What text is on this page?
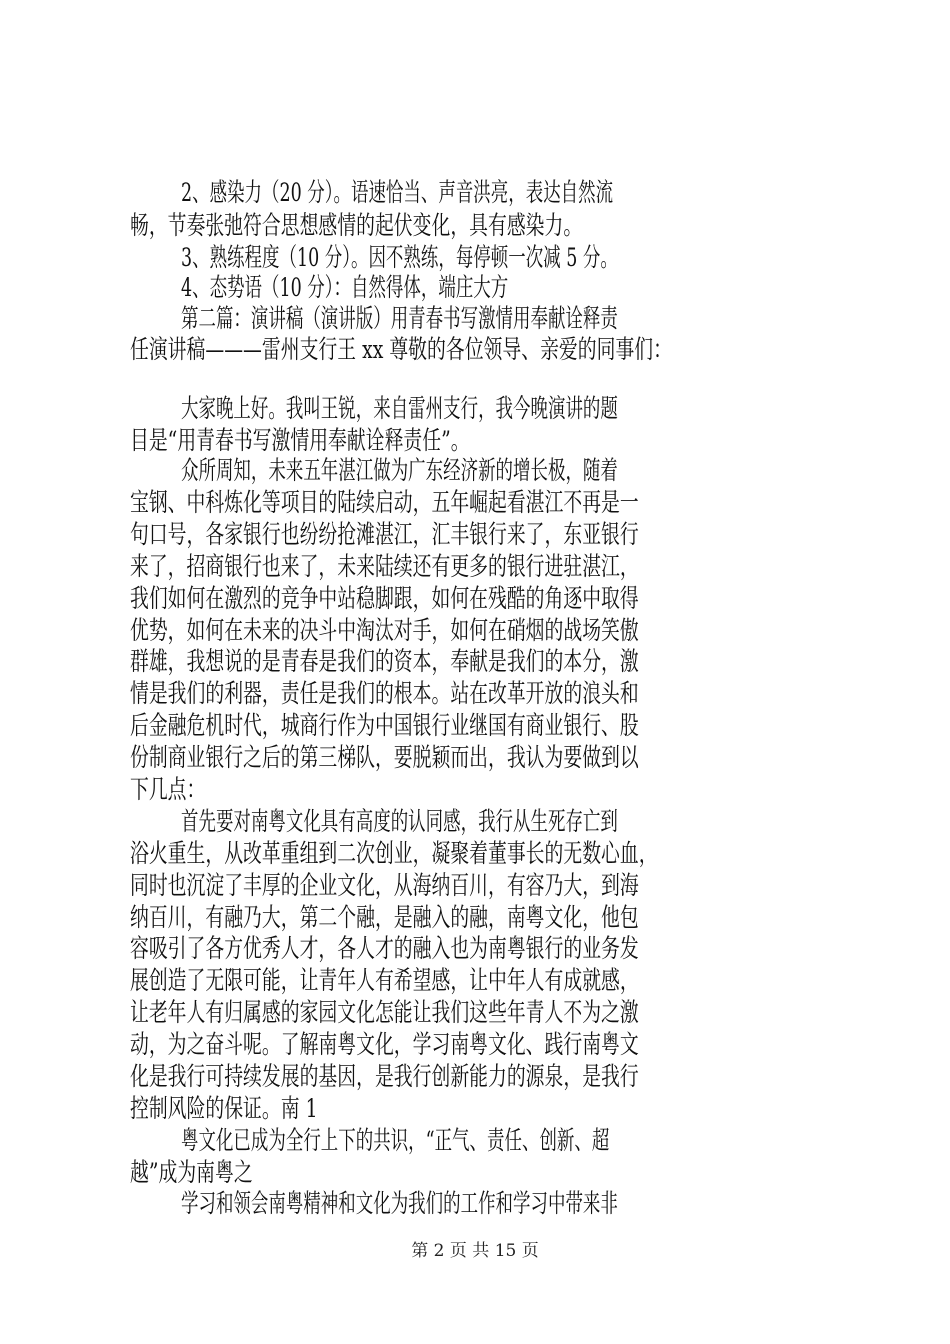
2、感染力（20 分）。语速恰当、声音洪亮，表达自然流
畅，节奏张弛符合思想感情的起伏变化，具有感染力。
3、熟练程度（10 分）。因不熟练，每停顿一次减 5 分。
4、态势语（10 分）：自然得体，端庄大方
第二篇：演讲稿（演讲版）用青春书写激情用奉献诠释责
任演讲稿———雷州支行王 xx 尊敬的各位领导、亲爱的同事们：
大家晚上好。我叫王锐，来自雷州支行，我今晚演讲的题
目是“用青春书写激情用奉献诠释责任”。
众所周知，未来五年湛江做为广东经济新的增长极，随着
宝钢、中科炼化等项目的陆续启动，五年崛起看湛江不再是一
句口号，各家银行也纷纷抢滩湛江，汇丰银行来了，东亚银行
来了，招商银行也来了，未来陆续还有更多的银行进驻湛江，
我们如何在激烈的竞争中站稳脚跟，如何在残酷的角逐中取得
优势，如何在未来的决斗中淘汰对手，如何在硝烟的战场笑傲
群雄，我想说的是青春是我们的资本，奉献是我们的本分，激
情是我们的利器，责任是我们的根本。站在改革开放的浪头和
后金融危机时代，城商行作为中国银行业继国有商业银行、股
份制商业银行之后的第三梯队，要脱颖而出，我认为要做到以
下几点：
首先要对南粤文化具有高度的认同感，我行从生死存亡到
浴火重生，从改革重组到二次创业，凝聚着董事长的无数心血，
同时也沉淀了丰厚的企业文化，从海纳百川，有容乃大，到海
纳百川，有融乃大，第二个融，是融入的融，南粤文化，他包
容吸引了各方优秀人才，各人才的融入也为南粤银行的业务发
展创造了无限可能，让青年人有希望感，让中年人有成就感，
让老年人有归属感的家园文化怎能让我们这些年青人不为之激
动，为之奋斗呢。了解南粤文化，学习南粤文化、践行南粤文
化是我行可持续发展的基因，是我行创新能力的源泉，是我行
控制风险的保证。南 1
粤文化已成为全行上下的共识，“正气、责任、创新、超
越”成为南粤之
学习和领会南粤精神和文化为我们的工作和学习中带来非
第 2 页 共 15 页
